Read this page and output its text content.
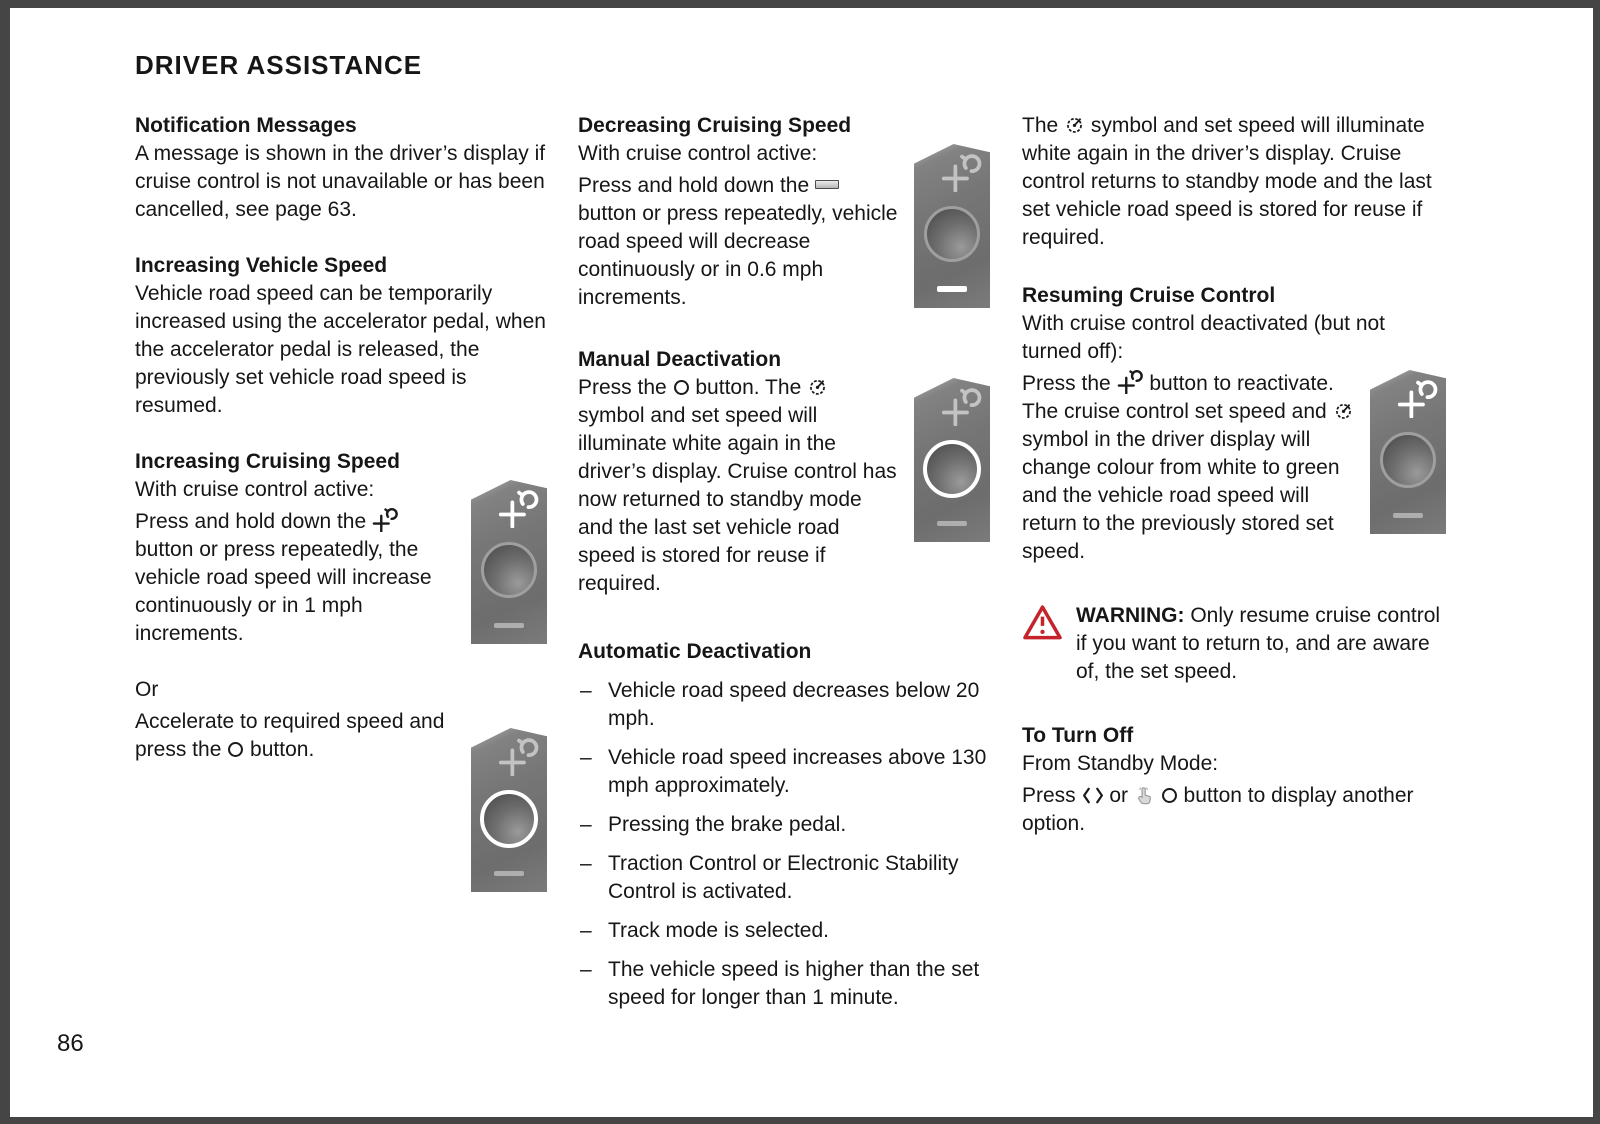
DRIVER ASSISTANCE
Notification Messages
A message is shown in the driver’s display if cruise control is not unavailable or has been cancelled, see page 63.
Increasing Vehicle Speed
Vehicle road speed can be temporarily increased using the accelerator pedal, when the accelerator pedal is released, the previously set vehicle road speed is resumed.
Increasing Cruising Speed
With cruise control active:
Press and hold down the  button or press repeatedly, the vehicle road speed will increase continuously or in 1 mph increments.
Or
Accelerate to required speed and press the  button.
Decreasing Cruising Speed
With cruise control active:
Press and hold down the  button or press repeatedly, vehicle road speed will decrease continuously or in 0.6 mph increments.
Manual Deactivation
Press the  button. The  symbol and set speed will illuminate white again in the driver’s display. Cruise control has now returned to standby mode and the last set vehicle road speed is stored for reuse if required.
Automatic Deactivation
– Vehicle road speed decreases below 20 mph.
– Vehicle road speed increases above 130 mph approximately.
– Pressing the brake pedal.
– Traction Control or Electronic Stability Control is activated.
– Track mode is selected.
– The vehicle speed is higher than the set speed for longer than 1 minute.
The  symbol and set speed will illuminate white again in the driver’s display. Cruise control returns to standby mode and the last set vehicle road speed is stored for reuse if required.
Resuming Cruise Control
With cruise control deactivated (but not turned off):
Press the  button to reactivate. The cruise control set speed and  symbol in the driver display will change colour from white to green and the vehicle road speed will return to the previously stored set speed.
WARNING: Only resume cruise control if you want to return to, and are aware of, the set speed.
To Turn Off
From Standby Mode:
Press  or   button to display another option.
86
